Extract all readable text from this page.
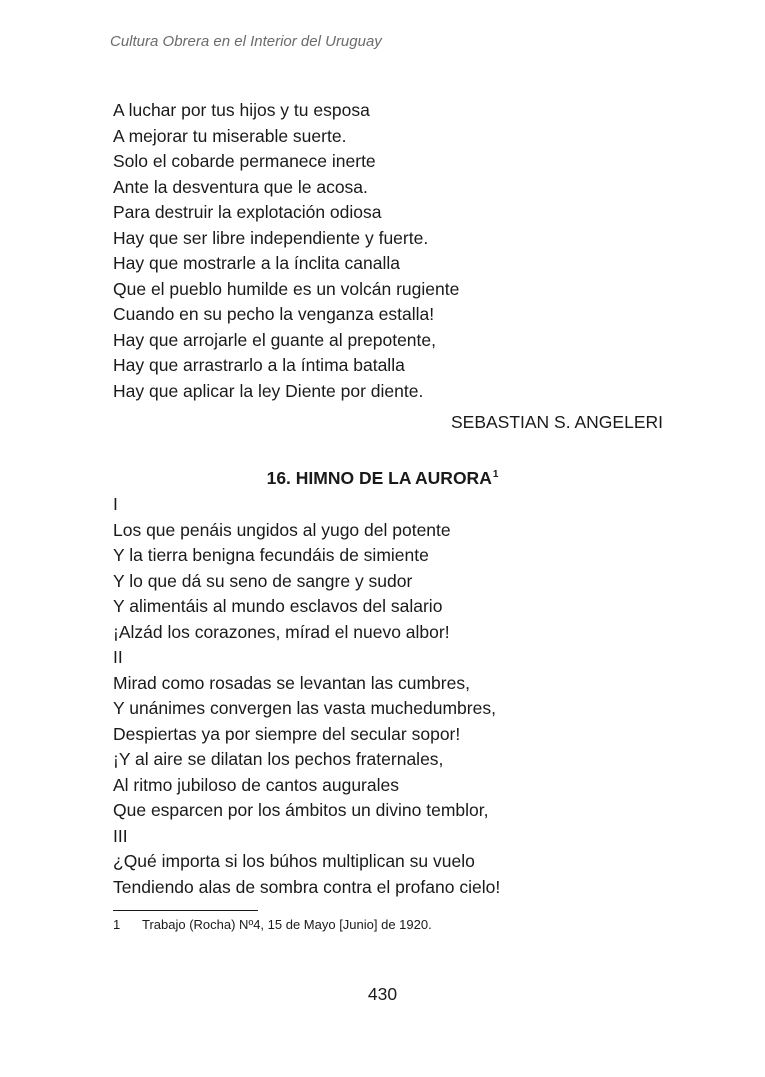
Cultura Obrera en el Interior del Uruguay
A luchar por tus hijos y tu esposa
A mejorar tu miserable suerte.
Solo el cobarde permanece inerte
Ante la desventura que le acosa.
Para destruir la explotación odiosa
Hay que ser libre independiente y fuerte.
Hay que mostrarle a la ínclita canalla
Que el pueblo humilde es un volcán rugiente
Cuando en su pecho la venganza estalla!
Hay que arrojarle el guante al prepotente,
Hay que arrastrarlo a la íntima batalla
Hay que aplicar la ley Diente por diente.
SEBASTIAN S. ANGELERI
16. HIMNO DE LA AURORA$^1$
I
Los que penáis ungidos al yugo del potente
Y la tierra benigna fecundáis de simiente
Y lo que dá su seno de sangre y sudor
Y alimentáis al mundo esclavos del salario
¡Alzád los corazones, mírad el nuevo albor!
II
Mirad como rosadas se levantan las cumbres,
Y unánimes convergen las vasta muchedumbres,
Despiertas ya por siempre del secular sopor!
¡Y al aire se dilatan los pechos fraternales,
Al ritmo jubiloso de cantos augurales
Que esparcen por los ámbitos un divino temblor,
III
¿Qué importa si los búhos multiplican su vuelo
Tendiendo alas de sombra contra el profano cielo!
1 Trabajo (Rocha) Nº4, 15 de Mayo [Junio] de 1920.
430
